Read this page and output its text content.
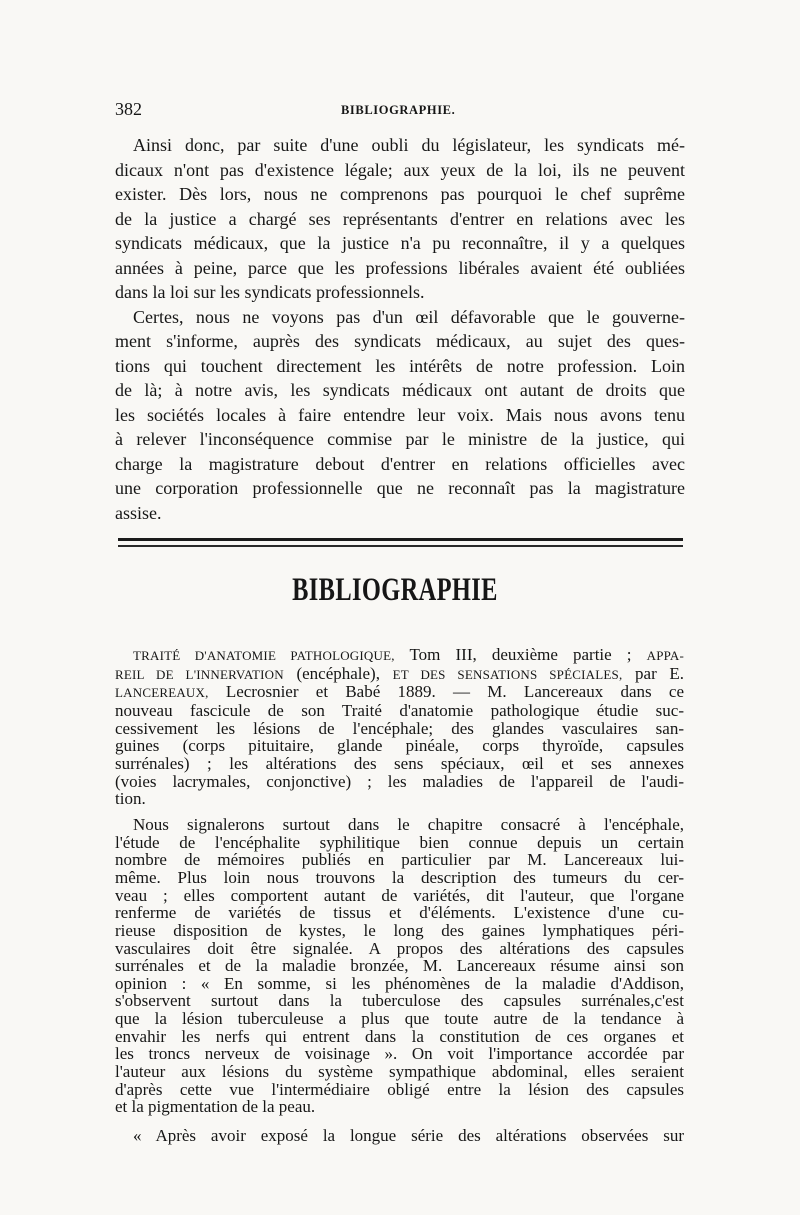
382	BIBLIOGRAPHIE.
Ainsi donc, par suite d'une oubli du législateur, les syndicats mé-
dicaux n'ont pas d'existence légale; aux yeux de la loi, ils ne peuvent
exister. Dès lors, nous ne comprenons pas pourquoi le chef suprême
de la justice a chargé ses représentants d'entrer en relations avec les
syndicats médicaux, que la justice n'a pu reconnaître, il y a quelques
années à peine, parce que les professions libérales avaient été oubliées
dans la loi sur les syndicats professionnels.
Certes, nous ne voyons pas d'un œil défavorable que le gouverne-
ment s'informe, auprès des syndicats médicaux, au sujet des ques-
tions qui touchent directement les intérêts de notre profession. Loin
de là; à notre avis, les syndicats médicaux ont autant de droits que
les sociétés locales à faire entendre leur voix. Mais nous avons tenu
à relever l'inconséquence commise par le ministre de la justice, qui
charge la magistrature debout d'entrer en relations officielles avec
une corporation professionnelle que ne reconnaît pas la magistrature
assise.
BIBLIOGRAPHIE
TRAITÉ D'ANATOMIE PATHOLOGIQUE, Tom III, deuxième partie ; APPA-
REIL DE L'INNERVATION (encéphale), ET DES SENSATIONS SPÉCIALES, par E.
LANCEREAUX, Lecrosnier et Babé 1889. — M. Lancereaux dans ce
nouveau fascicule de son Traité d'anatomie pathologique étudie suc-
cessivement les lésions de l'encéphale; des glandes vasculaires san-
guines (corps pituitaire, glande pinéale, corps thyroïde, capsules
surrénales) ; les altérations des sens spéciaux, œil et ses annexes
(voies lacrymales, conjonctive) ; les maladies de l'appareil de l'audi-
tion.
Nous signalerons surtout dans le chapitre consacré à l'encéphale,
l'étude de l'encéphalite syphilitique bien connue depuis un certain
nombre de mémoires publiés en particulier par M. Lancereaux lui-
même. Plus loin nous trouvons la description des tumeurs du cer-
veau ; elles comportent autant de variétés, dit l'auteur, que l'organe
renferme de variétés de tissus et d'éléments. L'existence d'une cu-
rieuse disposition de kystes, le long des gaines lymphatiques péri-
vasculaires doit être signalée. A propos des altérations des capsules
surrénales et de la maladie bronzée, M. Lancereaux résume ainsi son
opinion : « En somme, si les phénomènes de la maladie d'Addison,
s'observent surtout dans la tuberculose des capsules surrénales,c'est
que la lésion tuberculeuse a plus que toute autre de la tendance à
envahir les nerfs qui entrent dans la constitution de ces organes et
les troncs nerveux de voisinage ». On voit l'importance accordée par
l'auteur aux lésions du système sympathique abdominal, elles seraient
d'après cette vue l'intermédiaire obligé entre la lésion des capsules
et la pigmentation de la peau.
« Après avoir exposé la longue série des altérations observées sur
